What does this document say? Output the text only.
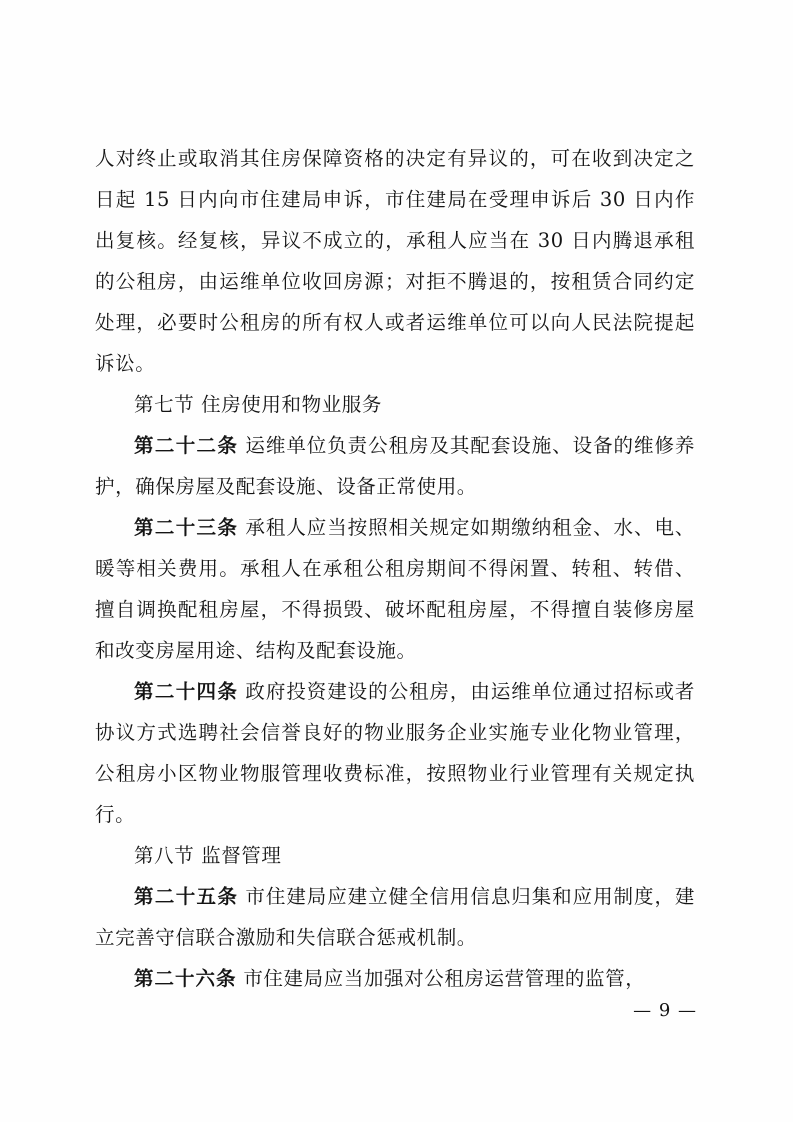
人对终止或取消其住房保障资格的决定有异议的，可在收到决定之日起 15 日内向市住建局申诉，市住建局在受理申诉后 30 日内作出复核。经复核，异议不成立的，承租人应当在 30 日内腾退承租的公租房，由运维单位收回房源；对拒不腾退的，按租赁合同约定处理，必要时公租房的所有权人或者运维单位可以向人民法院提起诉讼。

第七节 住房使用和物业服务

第二十二条 运维单位负责公租房及其配套设施、设备的维修养护，确保房屋及配套设施、设备正常使用。

第二十三条 承租人应当按照相关规定如期缴纳租金、水、电、暖等相关费用。承租人在承租公租房期间不得闲置、转租、转借、擅自调换配租房屋，不得损毁、破坏配租房屋，不得擅自装修房屋和改变房屋用途、结构及配套设施。

第二十四条 政府投资建设的公租房，由运维单位通过招标或者协议方式选聘社会信誉良好的物业服务企业实施专业化物业管理，公租房小区物业物服管理收费标准，按照物业行业管理有关规定执行。

第八节 监督管理

第二十五条 市住建局应建立健全信用信息归集和应用制度，建立完善守信联合激励和失信联合惩戒机制。

第二十六条 市住建局应当加强对公租房运营管理的监管，

— 9 —
